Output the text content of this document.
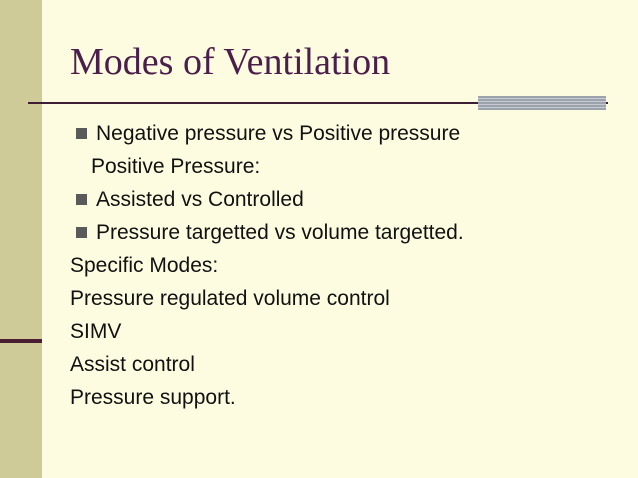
Modes of Ventilation
Negative pressure vs Positive pressure
Positive Pressure:
Assisted vs Controlled
Pressure targetted vs volume targetted.
Specific Modes:
Pressure regulated volume control
SIMV
Assist control
Pressure support.
